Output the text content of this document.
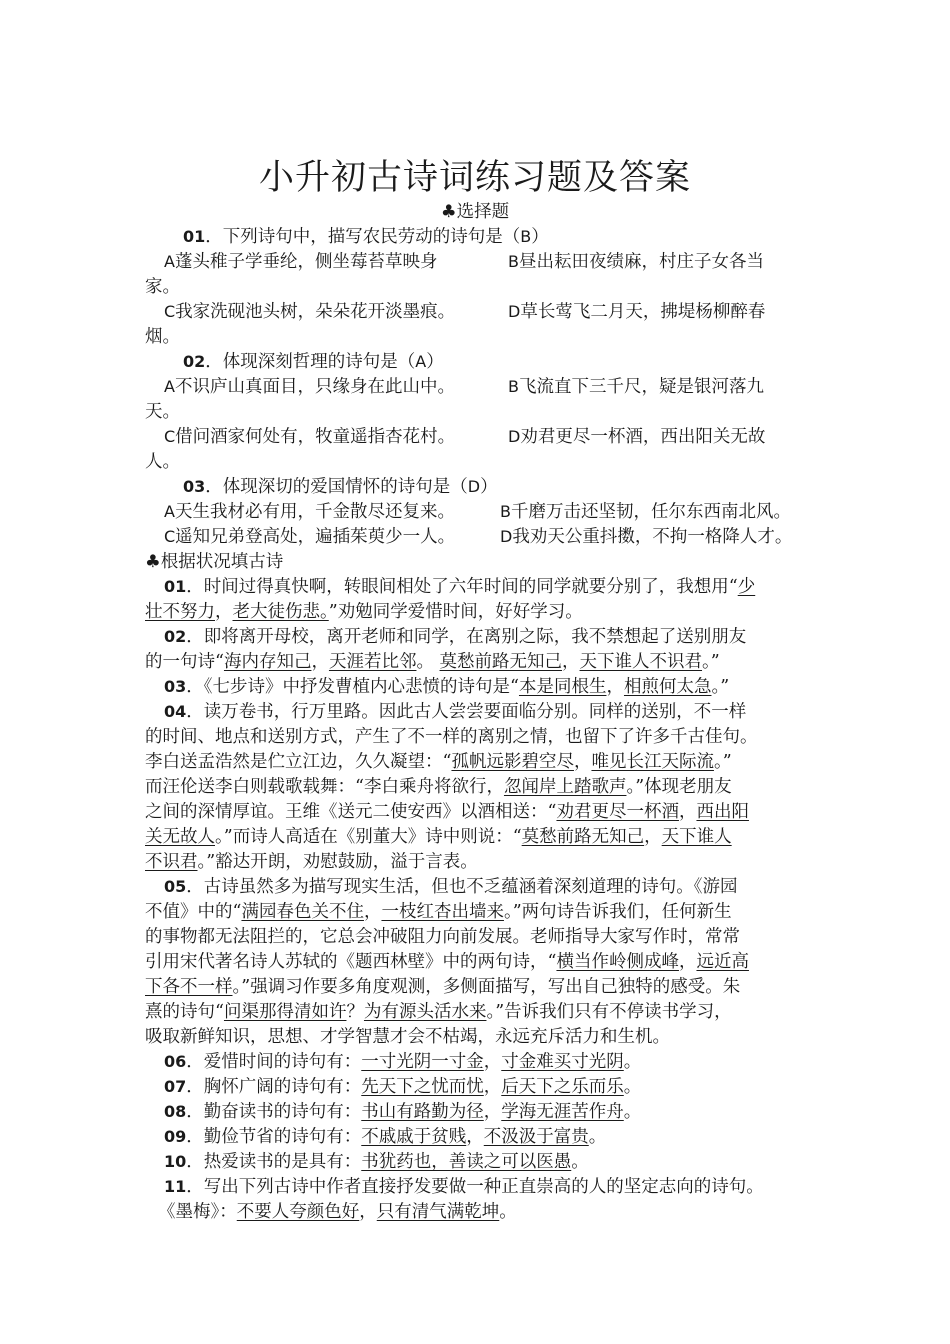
小升初古诗词练习题及答案
♣选择题
01．下列诗句中，描写农民劳动的诗句是（B）
A蓬头稚子学垂纶，侧坐莓苔草映身	B昼出耘田夜绩麻，村庄子女各当
家。
C我家洗砚池头树，朵朵花开淡墨痕。	D草长莺飞二月天，拂堤杨柳醉春
烟。
02．体现深刻哲理的诗句是（A）
A不识庐山真面目，只缘身在此山中。	B飞流直下三千尺，疑是银河落九
天。
C借问酒家何处有，牧童遥指杏花村。	D劝君更尽一杯酒，西出阳关无故
人。
03．体现深切的爱国情怀的诗句是（D）
A天生我材必有用，千金散尽还复来。	B千磨万击还坚韧，任尔东西南北风。
C遥知兄弟登高处，遍插茱萸少一人。	D我劝天公重抖擞，不拘一格降人才。
♣根据状况填古诗
01．时间过得真快啊，转眼间相处了六年时间的同学就要分别了，我想用“少
壮不努力，老大徒伤悲。”劝勉同学爱惜时间，好好学习。
02．即将离开母校，离开老师和同学，在离别之际，我不禁想起了送别朋友
的一句诗“海内存知己，天涯若比邻。 莫愁前路无知己，天下谁人不识君。”
03．《七步诗》中抒发曹植内心悲愤的诗句是“本是同根生，相煎何太急。”
04．读万卷书，行万里路。因此古人尝尝要面临分别。同样的送别，不一样
的时间、地点和送别方式，产生了不一样的离别之情，也留下了许多千古佳句。
李白送孟浩然是伫立江边，久久凝望：“孤帆远影碧空尽，唯见长江天际流。”
而汪伦送李白则载歌载舞：“李白乘舟将欲行，忽闻岸上踏歌声。”体现老朋友
之间的深情厚谊。王维《送元二使安西》以酒相送：“劝君更尽一杯酒，西出阳
关无故人。”而诗人高适在《别董大》诗中则说：“莫愁前路无知己，天下谁人
不识君。”豁达开朗，劝慰鼓励，溢于言表。
05．古诗虽然多为描写现实生活，但也不乏蕴涵着深刻道理的诗句。《游园
不值》中的“满园春色关不住，一枝红杏出墙来。”两句诗告诉我们，任何新生
的事物都无法阻拦的，它总会冲破阻力向前发展。老师指导大家写作时，常常
引用宋代著名诗人苏轼的《题西林壁》中的两句诗，“横当作岭侧成峰，远近高
下各不一样。”强调习作要多角度观测，多侧面描写，写出自己独特的感受。朱
熹的诗句“问渠那得清如许？为有源头活水来。”告诉我们只有不停读书学习，
吸取新鲜知识，思想、才学智慧才会不枯竭，永远充斥活力和生机。
06．爱惜时间的诗句有：一寸光阴一寸金，寸金难买寸光阴。
07．胸怀广阔的诗句有：先天下之忧而忧，后天下之乐而乐。
08．勤奋读书的诗句有：书山有路勤为径，学海无涯苦作舟。
09．勤俭节省的诗句有：不戚戚于贫贱，不汲汲于富贵。
10．热爱读书的是具有：书犹药也，善读之可以医愚。
11．写出下列古诗中作者直接抒发要做一种正直崇高的人的坚定志向的诗句。
《墨梅》：不要人夸颜色好，只有清气满乾坤。
